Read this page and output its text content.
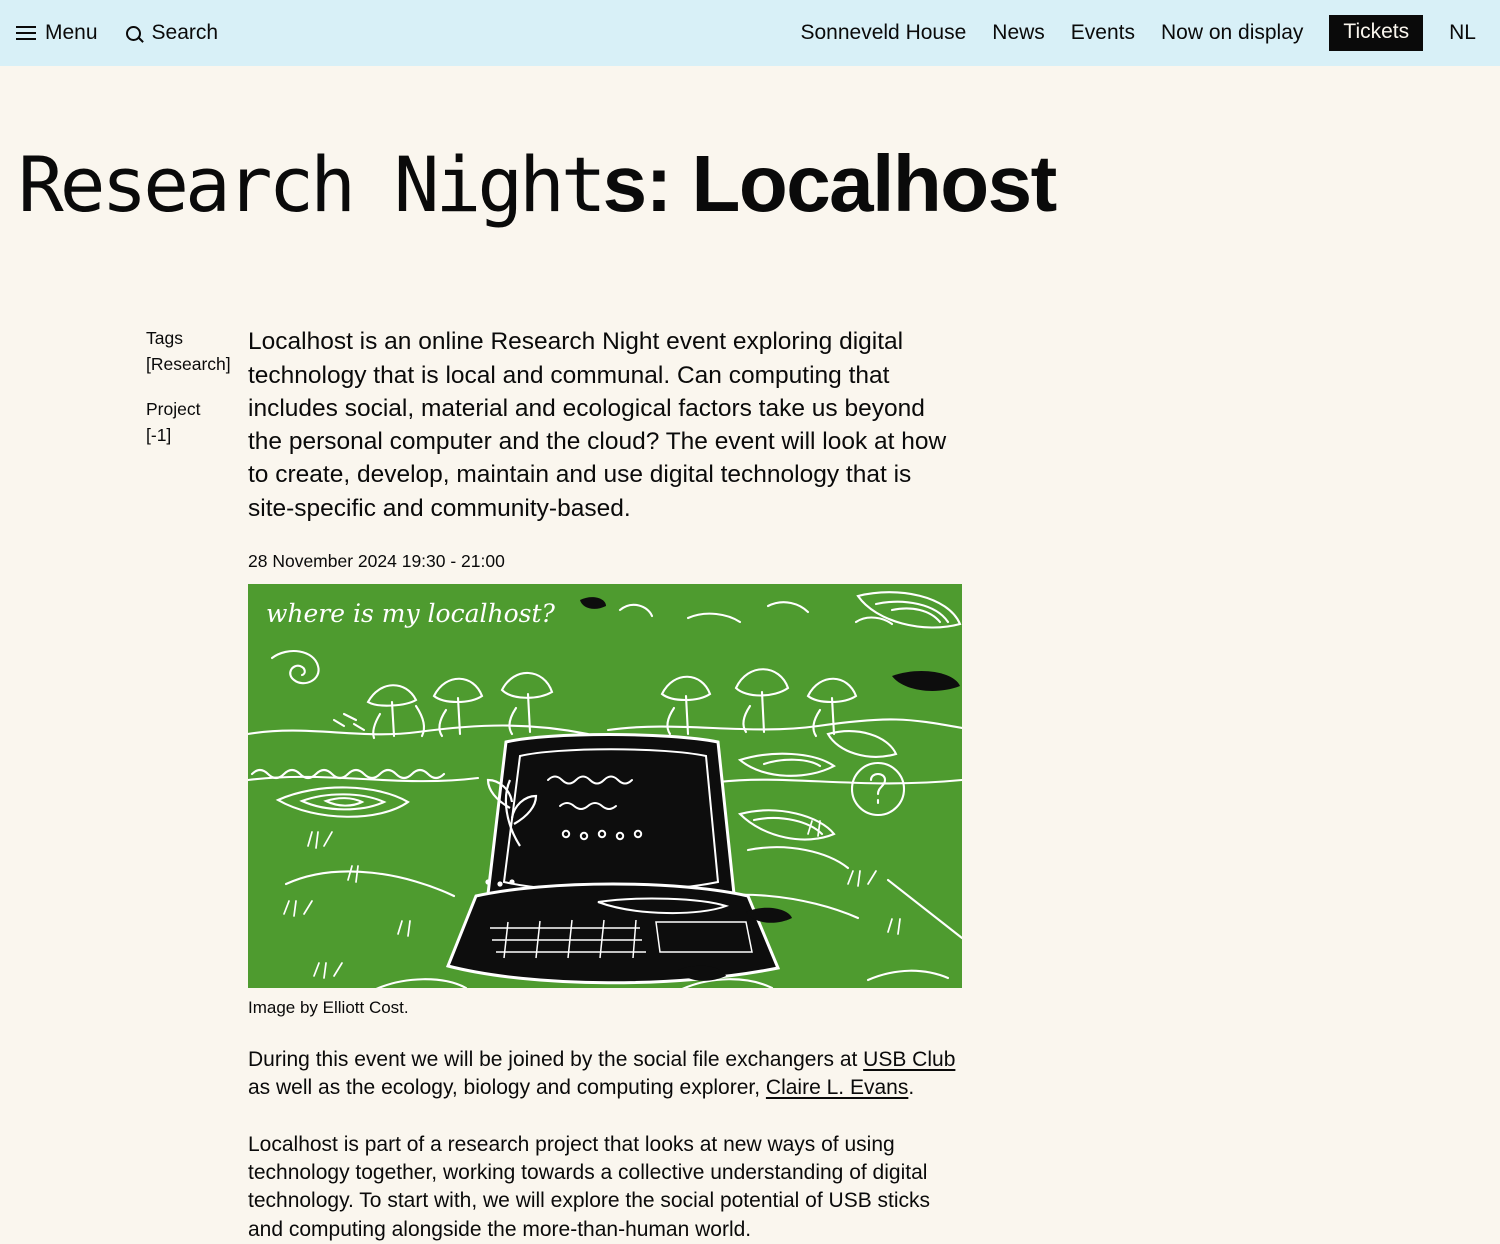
Menu	Search	Sonneveld House News Events Now on display	Tickets	NL
Research Nights: Localhost
Tags
[Research]
Project
[-1]

Localhost is an online Research Night event exploring digital technology that is local and communal. Can computing that includes social, material and ecological factors take us beyond the personal computer and the cloud? The event will look at how to create, develop, maintain and use digital technology that is site-specific and community-based.

28 November 2024 19:30 - 21:00
where is my localhost?
Image by Elliott Cost.

During this event we will be joined by the social file exchangers at USB Club as well as the ecology, biology and computing explorer, Claire L. Evans.

Localhost is part of a research project that looks at new ways of using technology together, working towards a collective understanding of digital technology. To start with, we will explore the social potential of USB sticks and computing alongside the more-than-human world.
